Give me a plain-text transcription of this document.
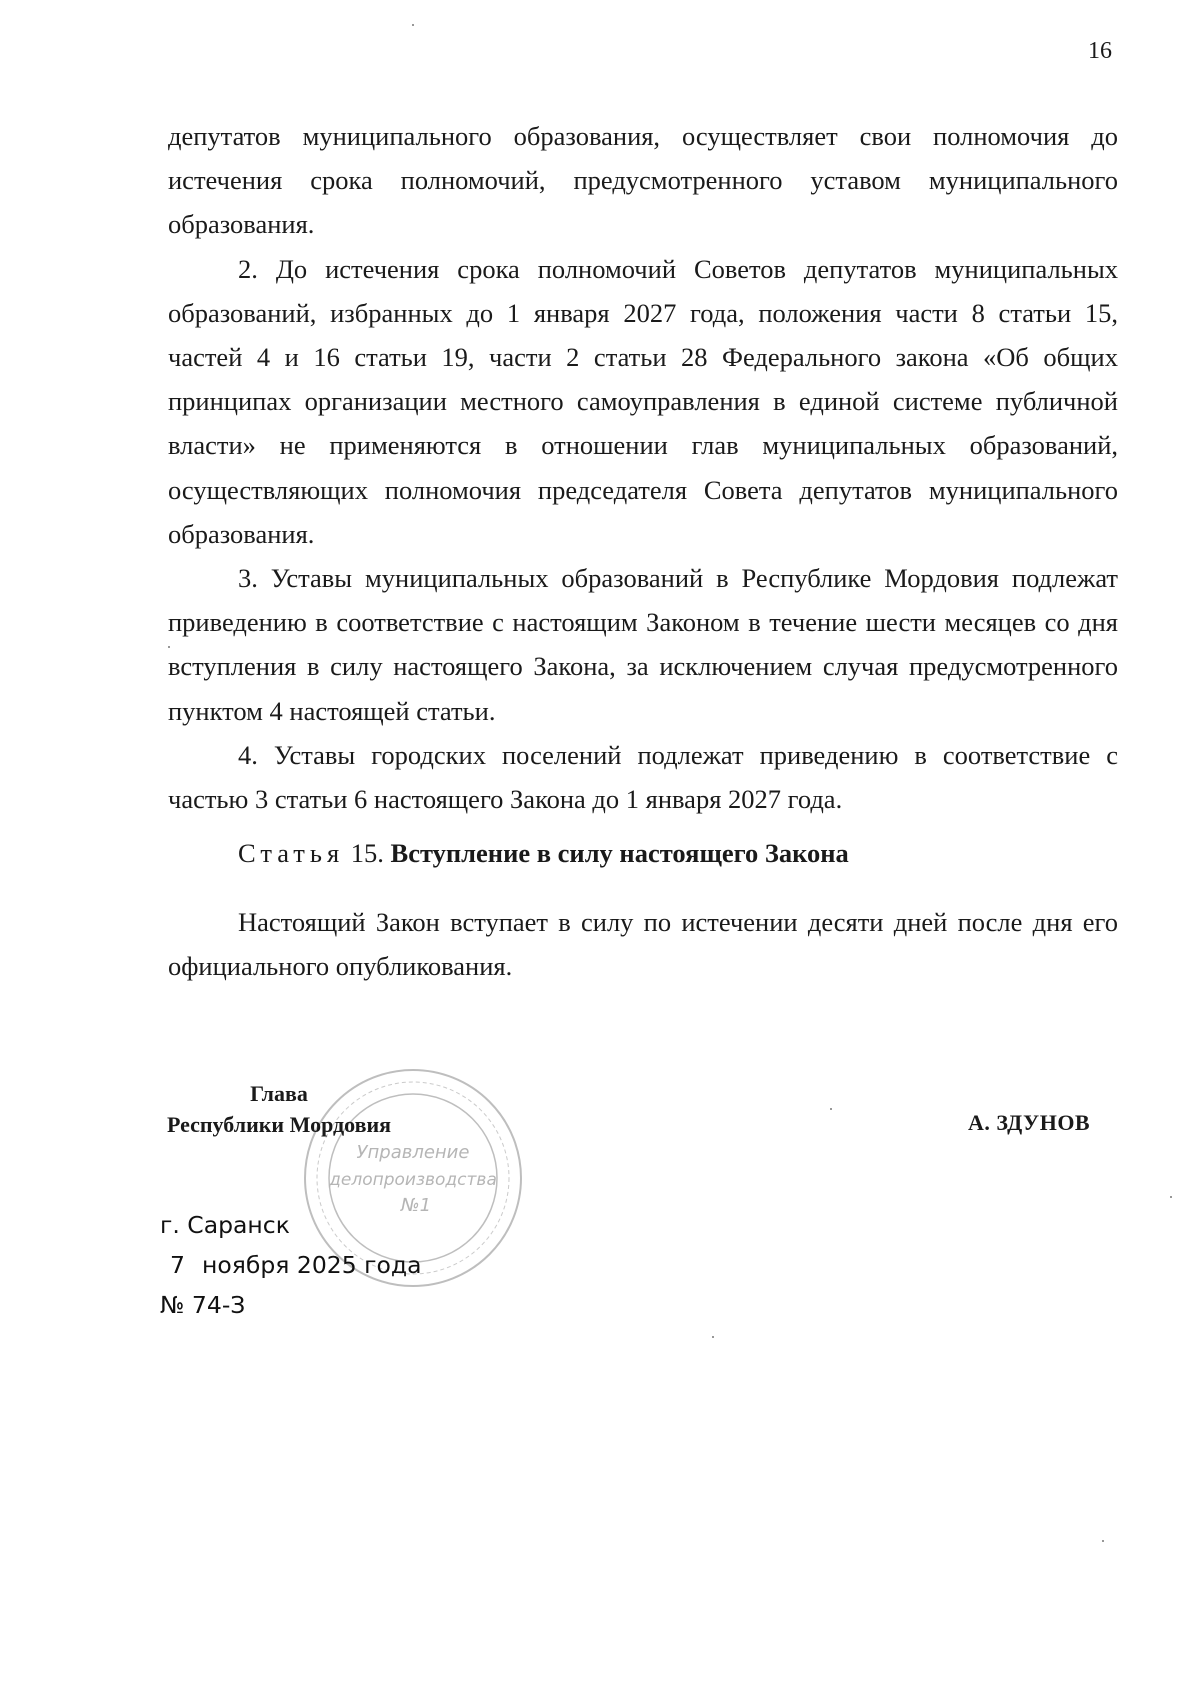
16

депутатов муниципального образования, осуществляет свои полномочия до истечения срока полномочий, предусмотренного уставом муниципального образования.

2. До истечения срока полномочий Советов депутатов муниципальных образований, избранных до 1 января 2027 года, положения части 8 статьи 15, частей 4 и 16 статьи 19, части 2 статьи 28 Федерального закона «Об общих принципах организации местного самоуправления в единой системе публичной власти» не применяются в отношении глав муниципальных образований, осуществляющих полномочия председателя Совета депутатов муниципального образования.

3. Уставы муниципальных образований в Республике Мордовия подлежат приведению в соответствие с настоящим Законом в течение шести месяцев со дня вступления в силу настоящего Закона, за исключением случая предусмотренного пунктом 4 настоящей статьи.

4. Уставы городских поселений подлежат приведению в соответствие с частью 3 статьи 6 настоящего Закона до 1 января 2027 года.

Статья 15. Вступление в силу настоящего Закона

Настоящий Закон вступает в силу по истечении десяти дней после дня его официального опубликования.

Управление
делопроизводства
№1
Глава
Республики Мордовия	А. ЗДУНОВ
г. Саранск
7 ноября 2025 года
№ 74-З
